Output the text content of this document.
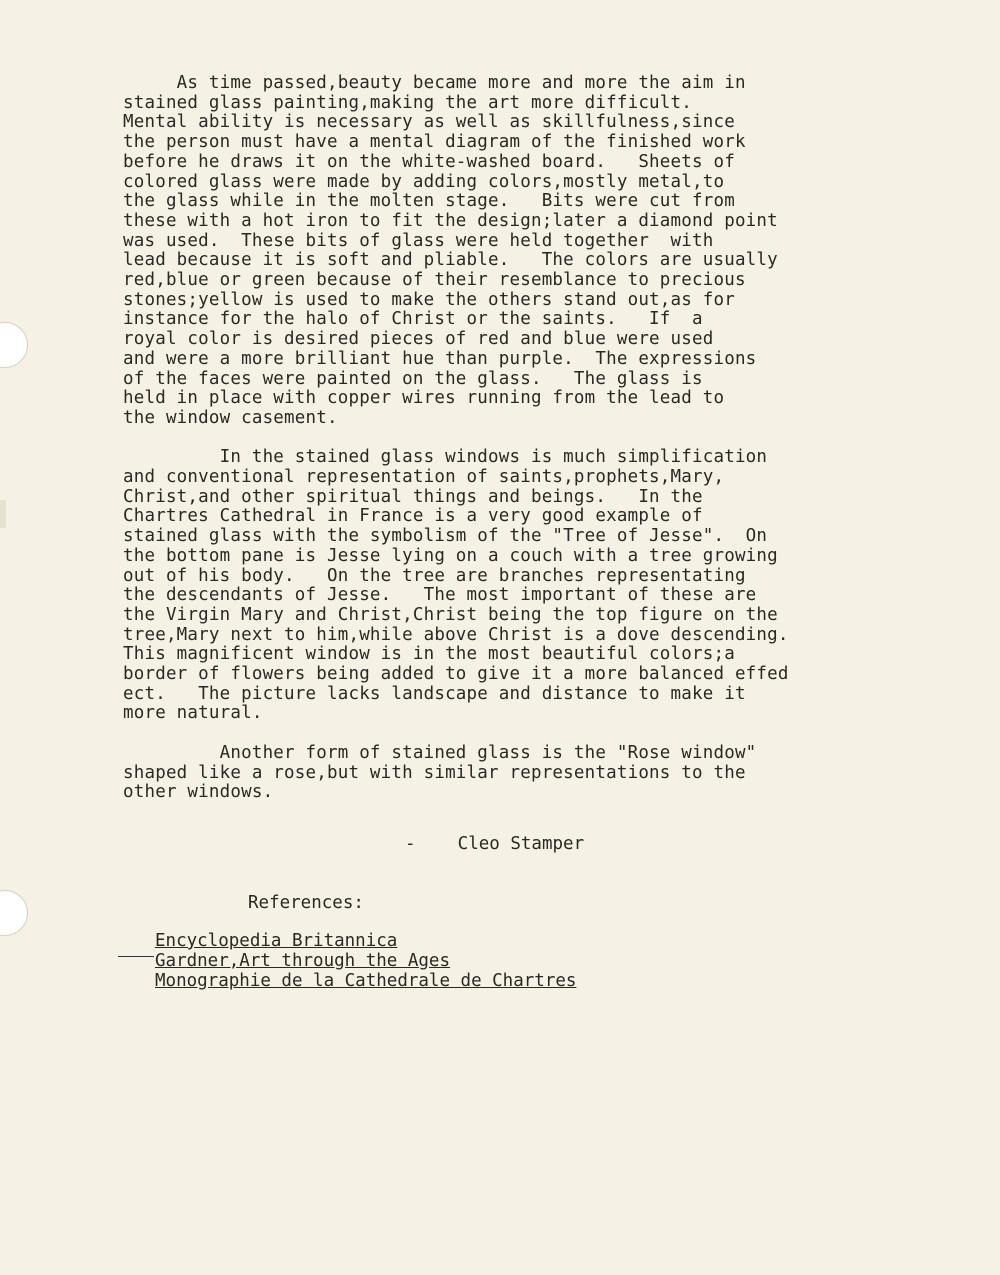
As time passed,beauty became more and more the aim in

stained glass painting,making the art more difficult.

Mental ability is necessary as well as skillfulness,since

the person must have a mental diagram of the finished work

before he draws it on the white-washed board.   Sheets of

colored glass were made by adding colors,mostly metal,to

the glass while in the molten stage.   Bits were cut from

these with a hot iron to fit the design;later a diamond point

was used.  These bits of glass were held together  with

lead because it is soft and pliable.   The colors are usually

red,blue or green because of their resemblance to precious

stones;yellow is used to make the others stand out,as for

instance for the halo of Christ or the saints.   If  a

royal color is desired pieces of red and blue were used

and were a more brilliant hue than purple.  The expressions

of the faces were painted on the glass.   The glass is

held in place with copper wires running from the lead to

the window casement.

In the stained glass windows is much simplification

and conventional representation of saints,prophets,Mary,

Christ,and other spiritual things and beings.   In the

Chartres Cathedral in France is a very good example of

stained glass with the symbolism of the "Tree of Jesse".  On

the bottom pane is Jesse lying on a couch with a tree growing

out of his body.   On the tree are branches representating

the descendants of Jesse.   The most important of these are

the Virgin Mary and Christ,Christ being the top figure on the

tree,Mary next to him,while above Christ is a dove descending.

This magnificent window is in the most beautiful colors;a

border of flowers being added to give it a more balanced effed

ect.   The picture lacks landscape and distance to make it

more natural.

Another form of stained glass is the "Rose window"

shaped like a rose,but with similar representations to the

other windows.

-    Cleo Stamper
References:
Encyclopedia Britannica
Gardner,Art through the Ages
Monographie de la Cathedrale de Chartres
